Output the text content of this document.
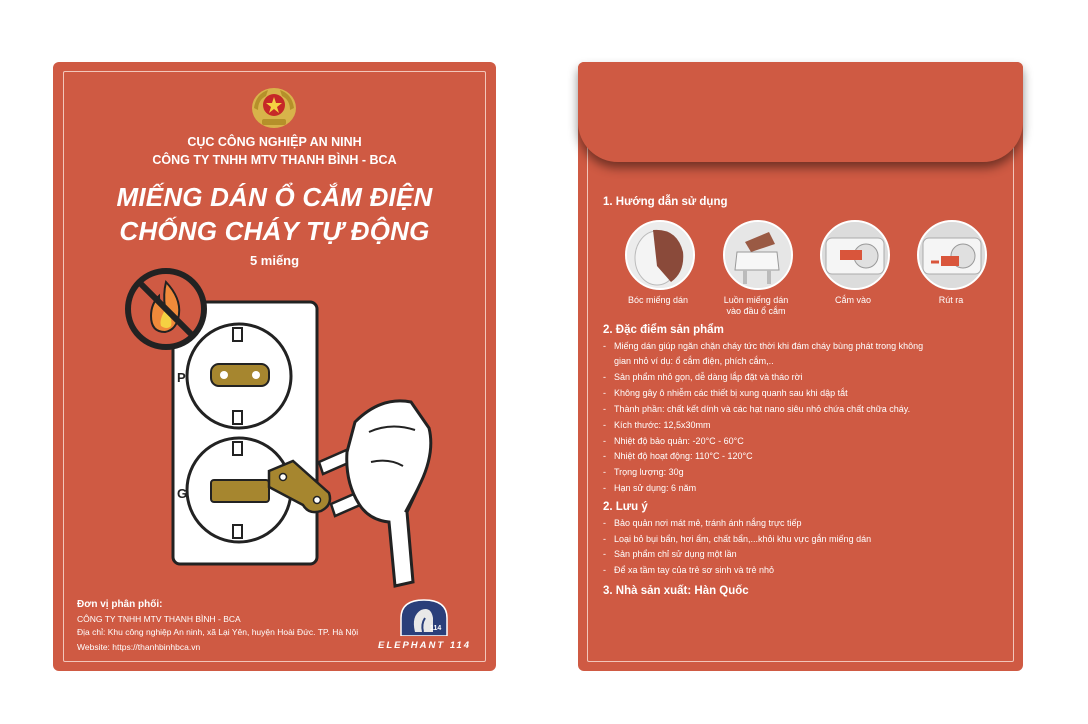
CỤC CÔNG NGHIỆP AN NINH
CÔNG TY TNHH MTV THANH BÌNH - BCA
MIẾNG DÁN Ổ CẮM ĐIỆN
CHỐNG CHÁY TỰ ĐỘNG
5 miếng
P
G
Đơn vị phân phối:
CÔNG TY TNHH MTV THANH BÌNH - BCA
Địa chỉ: Khu công nghiệp An ninh, xã Lại Yên, huyện Hoài Đức. TP. Hà Nội
Website: https://thanhbinhbca.vn
114
ELEPHANT 114
1. Hướng dẫn sử dụng
Bóc miếng dán	Luồn miếng dán
vào đầu ổ cắm
Cắm vào	Rút ra
2. Đặc điểm sản phẩm
- Miếng dán giúp ngăn chặn cháy tức thời khi đám cháy bùng phát trong không
gian nhỏ ví dụ: ổ cắm điện, phích cắm,..
- Sản phẩm nhỏ gọn, dễ dàng lắp đặt và tháo rời
- Không gây ô nhiễm các thiết bị xung quanh sau khi dập tắt
- Thành phần: chất kết dính và các hạt nano siêu nhỏ chứa chất chữa cháy.
- Kích thước: 12,5x30mm
- Nhiệt độ bảo quản: -20°C - 60°C
- Nhiệt độ hoạt động: 110°C - 120°C
- Trọng lượng: 30g
- Hạn sử dụng: 6 năm
2. Lưu ý
- Bảo quản nơi mát mẻ, tránh ánh nắng trực tiếp
- Loại bỏ bụi bẩn, hơi ẩm, chất bẩn,...khỏi khu vực gắn miếng dán
- Sản phẩm chỉ sử dụng một lần
- Để xa tầm tay của trẻ sơ sinh và trẻ nhỏ
3. Nhà sản xuất: Hàn Quốc
